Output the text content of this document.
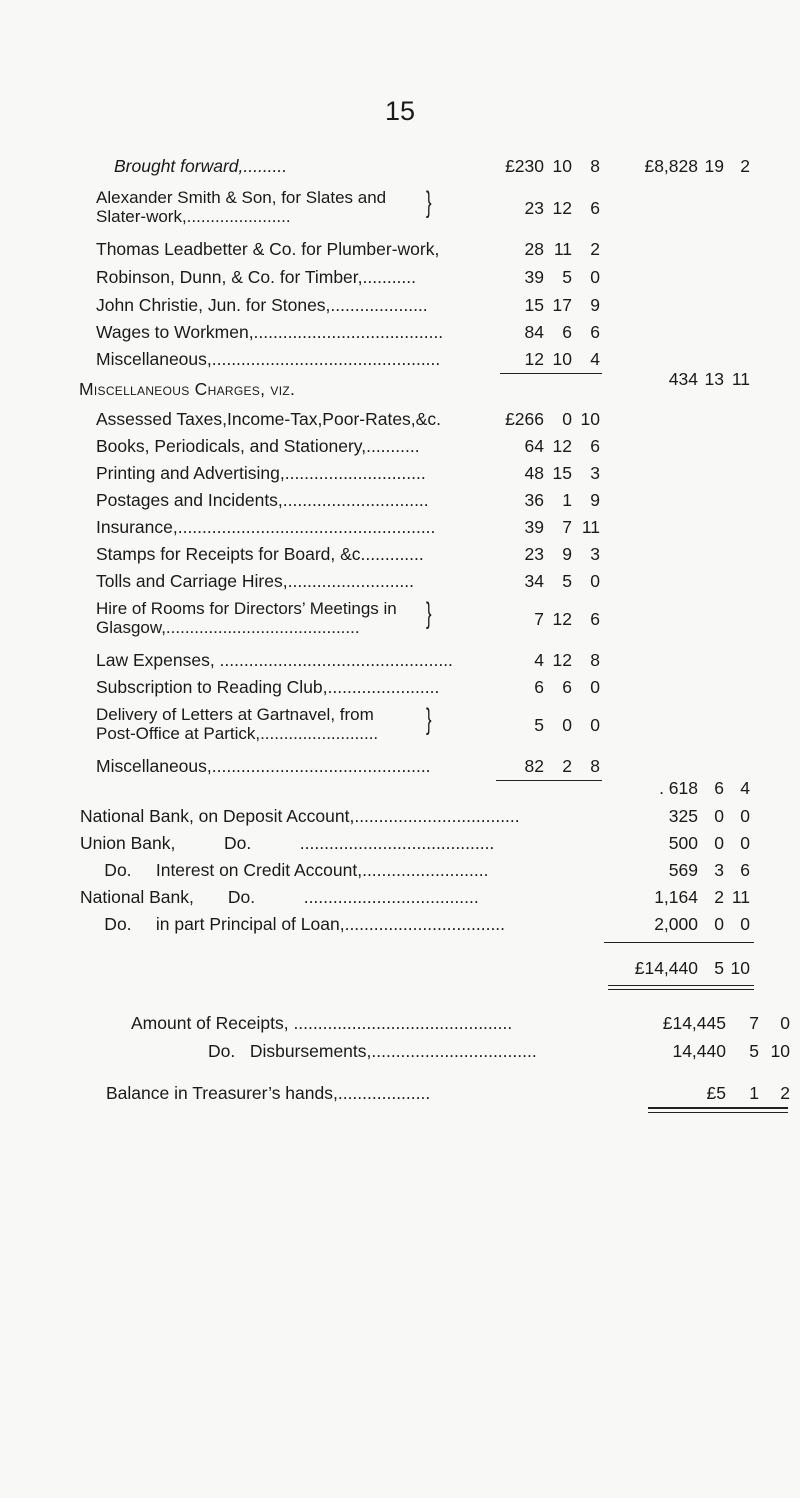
15
Brought forward,.........	£230 10	8	£8,828 19 2
Alexander Smith & Son, for Slates and
Slater-work,......................	}	23 12	6
Thomas Leadbetter & Co. for Plumber-work,	28 11	2
Robinson, Dunn, & Co. for Timber,...........	39	5	0
John Christie, Jun. for Stones,....................	15 17	9
Wages to Workmen,.......................................	84	6	6
Miscellaneous,...............................................	12 10	4
434 13 11
Miscellaneous Charges, viz.
Assessed Taxes,Income-Tax,Poor-Rates,&c.	£266	0 10
Books, Periodicals, and Stationery,...........	64 12	6
Printing and Advertising,.............................	48 15	3
Postages and Incidents,..............................	36	1	9
Insurance,.....................................................	39	7 11
Stamps for Receipts for Board, &c.............	23	9	3
Tolls and Carriage Hires,..........................	34	5	0
Hire of Rooms for Directors’ Meetings in
Glasgow,.........................................	}	7 12	6
Law Expenses, ................................................	4 12	8
Subscription to Reading Club,.......................	6	6	0
Delivery of Letters at Gartnavel, from
Post-Office at Partick,......................... }	5	0	0
Miscellaneous,.............................................	82	2	8
. 618 6 4
National Bank, on Deposit Account,..................................	325 0 0
Union Bank,          Do.          ........................................	500 0 0
Do.     Interest on Credit Account,..........................	569 3 6
National Bank,       Do.          ....................................	1,164 2 11
Do.     in part Principal of Loan,.................................	2,000 0 0
£14,440 5 10
Amount of Receipts, .............................................	£14,445	7	0
Do.   Disbursements,..................................	14,440	5 10
Balance in Treasurer’s hands,...................	£5	1	2
